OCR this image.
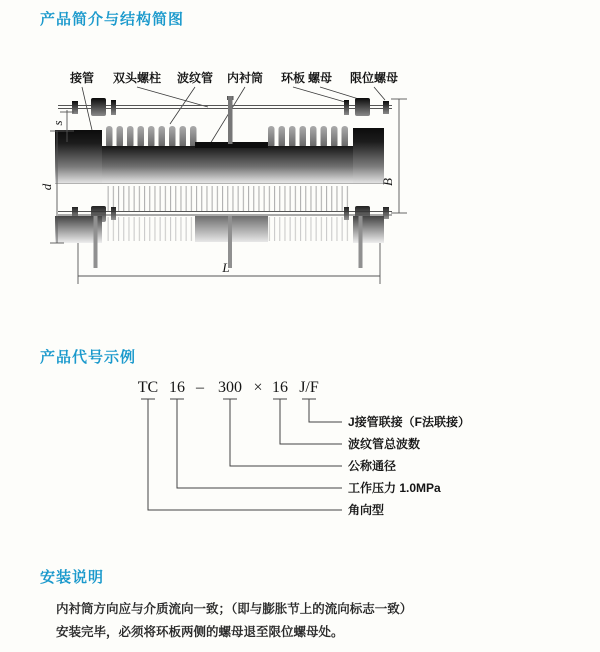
产品简介与结构简图
接管 双头螺柱 波纹管 内衬筒 环板 螺母 限位螺母
s
d
B
L
产品代号示例
TC 16 – 300 × 16 J/F
J接管联接（F法联接）
波纹管总波数
公称通径
工作压力 1.0MPa
角向型
安装说明
内衬筒方向应与介质流向一致；（即与膨胀节上的流向标志一致）
安装完毕，必须将环板两侧的螺母退至限位螺母处。
